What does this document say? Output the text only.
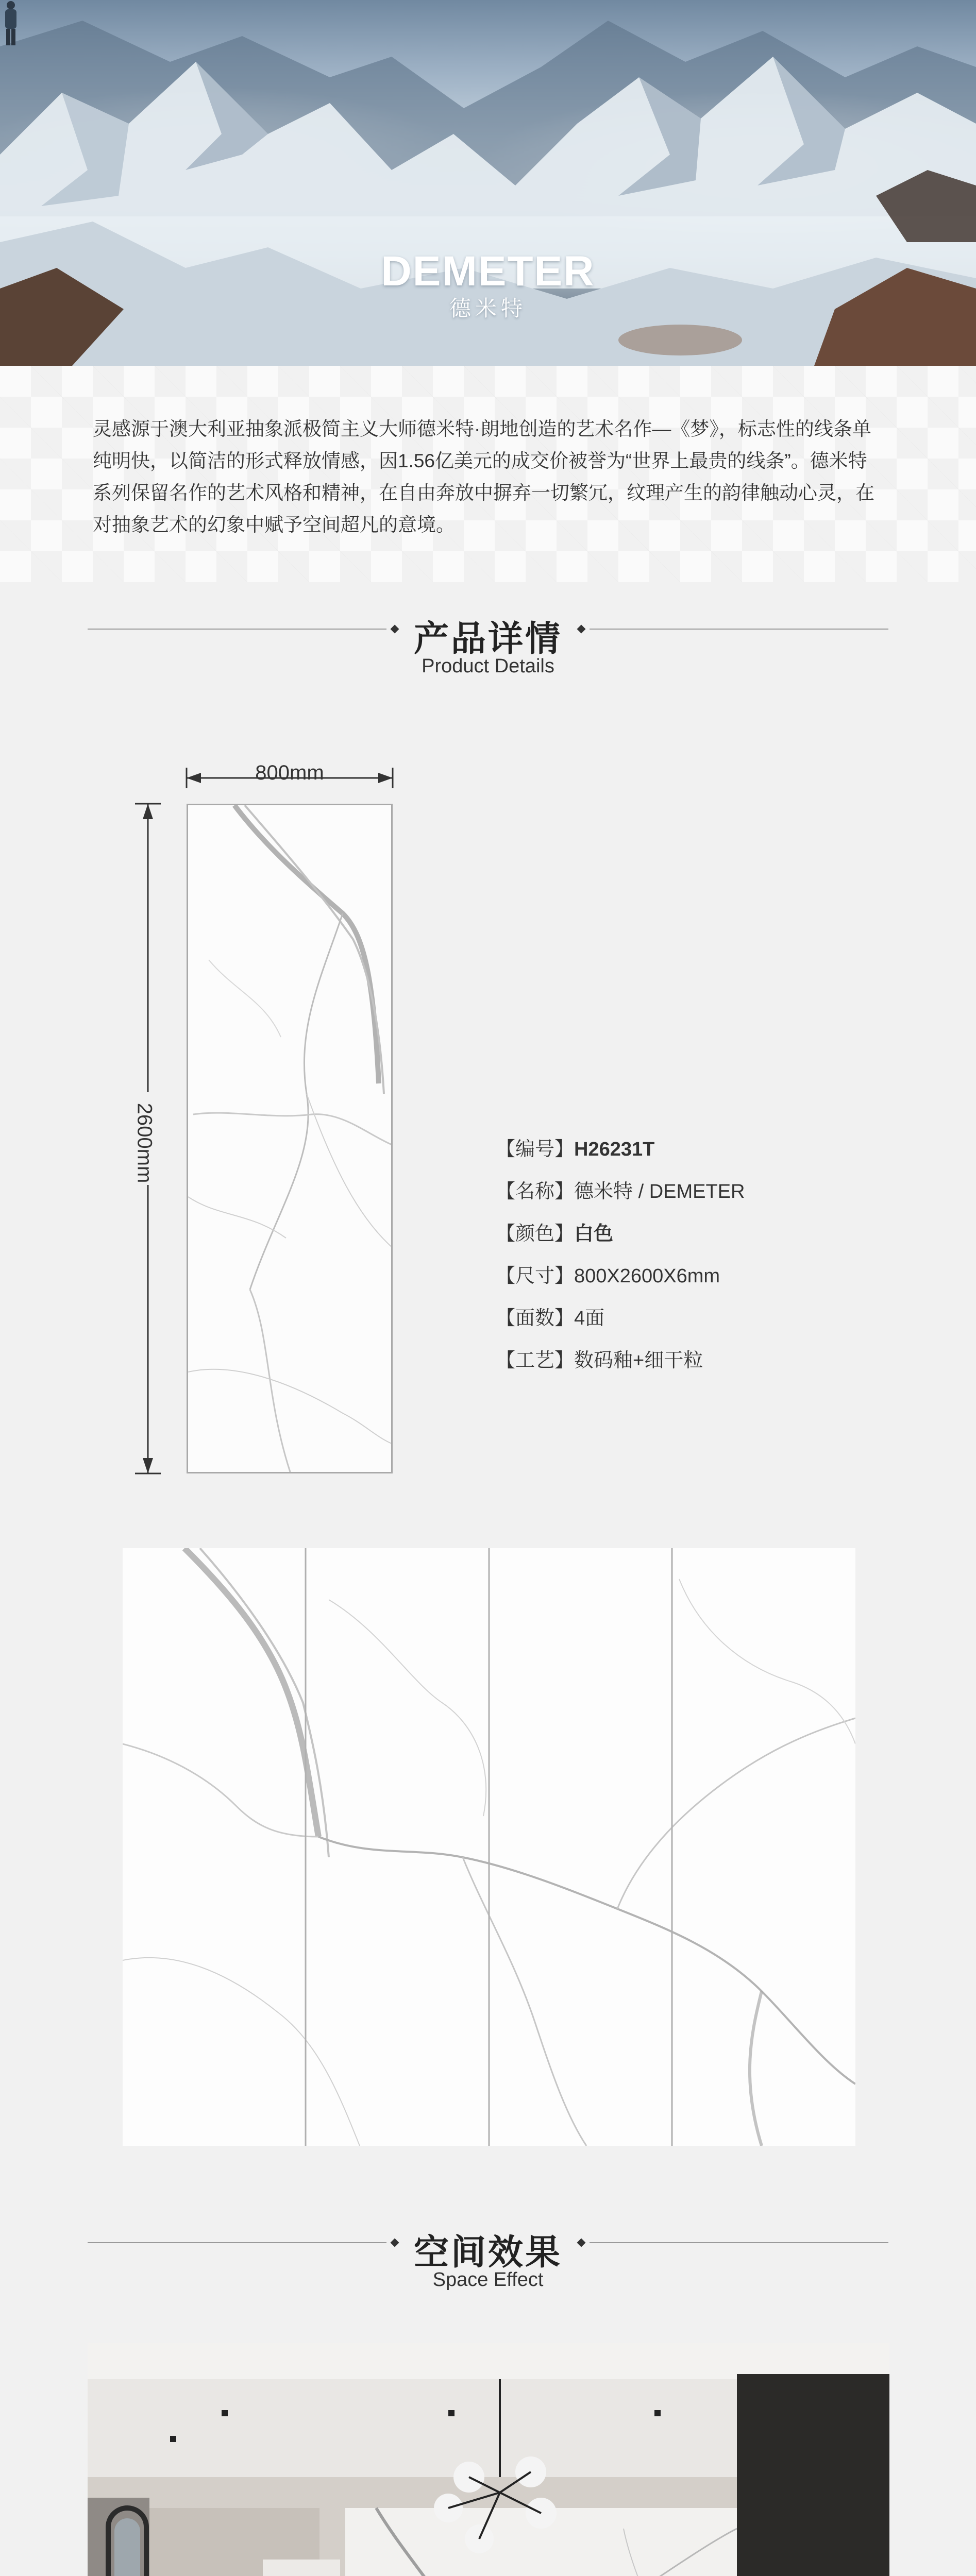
DEMETER
德米特
灵感源于澳大利亚抽象派极简主义大师德米特·朗地创造的艺术名作—《梦》，标志性的线条单纯明快，以简洁的形式释放情感，因1.56亿美元的成交价被誉为“世界上最贵的线条”。德米特系列保留名作的艺术风格和精神，在自由奔放中摒弃一切繁冗，纹理产生的韵律触动心灵，在对抽象艺术的幻象中赋予空间超凡的意境。
产品详情
Product Details
800mm
2600mm	【编号】H26231T
【名称】德米特 / DEMETER
【颜色】白色
【尺寸】800X2600X6mm
【面数】4面
【工艺】数码釉+细干粒
空间效果
Space Effect
